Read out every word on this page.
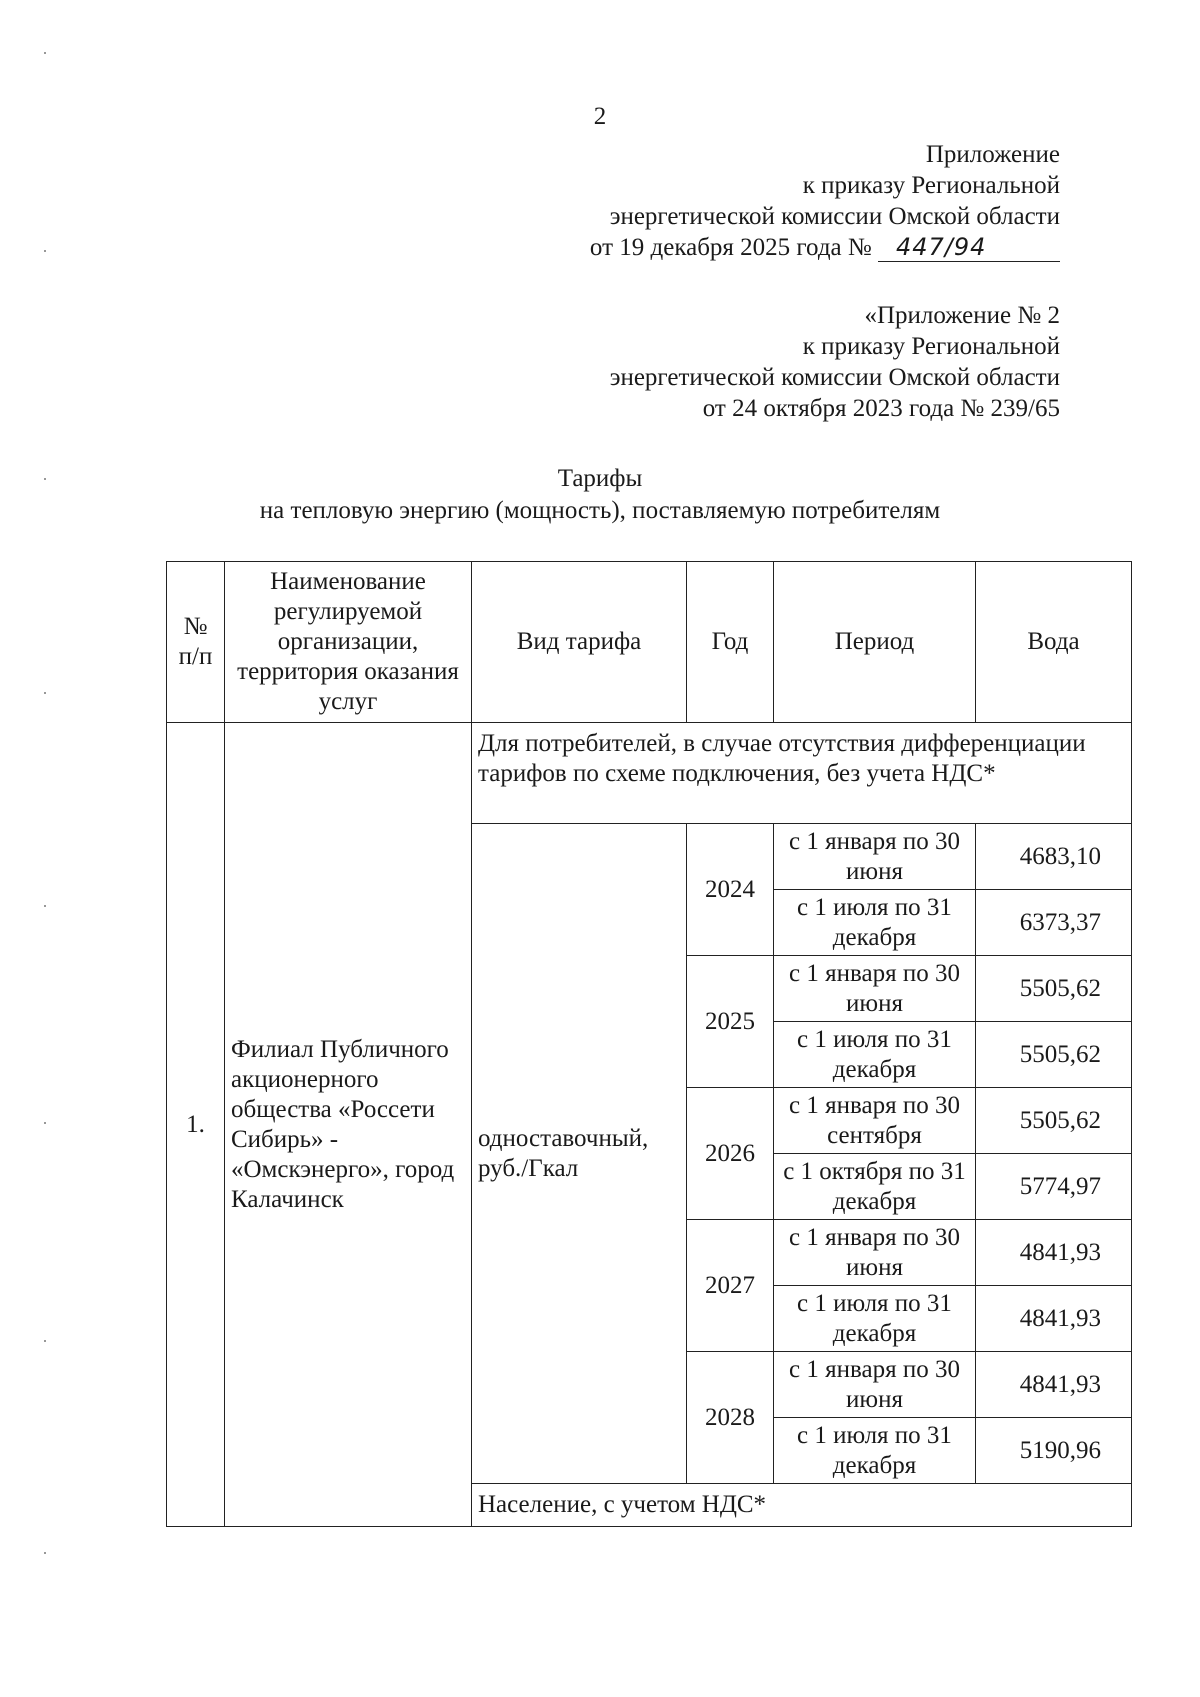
2
Приложение
к приказу Региональной
энергетической комиссии Омской области
от 19 декабря 2025 года № 447/94
«Приложение № 2
к приказу Региональной
энергетической комиссии Омской области
от 24 октября 2023 года № 239/65
Тарифы
на тепловую энергию (мощность), поставляемую потребителям
№ п/п	Наименование регулируемой организации, территория оказания услуг	Вид тарифа	Год	Период	Вода
1.	Филиал Публичного акционерного общества «Россети Сибирь» - «Омскэнерго», город Калачинск	Для потребителей, в случае отсутствия дифференциации тарифов по схеме подключения, без учета НДС*			
		одноставочный, руб./Гкал	2024	с 1 января по 30 июня	4683,10
				с 1 июля по 31 декабря	6373,37
			2025	с 1 января по 30 июня	5505,62
				с 1 июля по 31 декабря	5505,62
			2026	с 1 января по 30 сентября	5505,62
				с 1 октября по 31 декабря	5774,97
			2027	с 1 января по 30 июня	4841,93
				с 1 июля по 31 декабря	4841,93
			2028	с 1 января по 30 июня	4841,93
				с 1 июля по 31 декабря	5190,96
		Население, с учетом НДС*			
